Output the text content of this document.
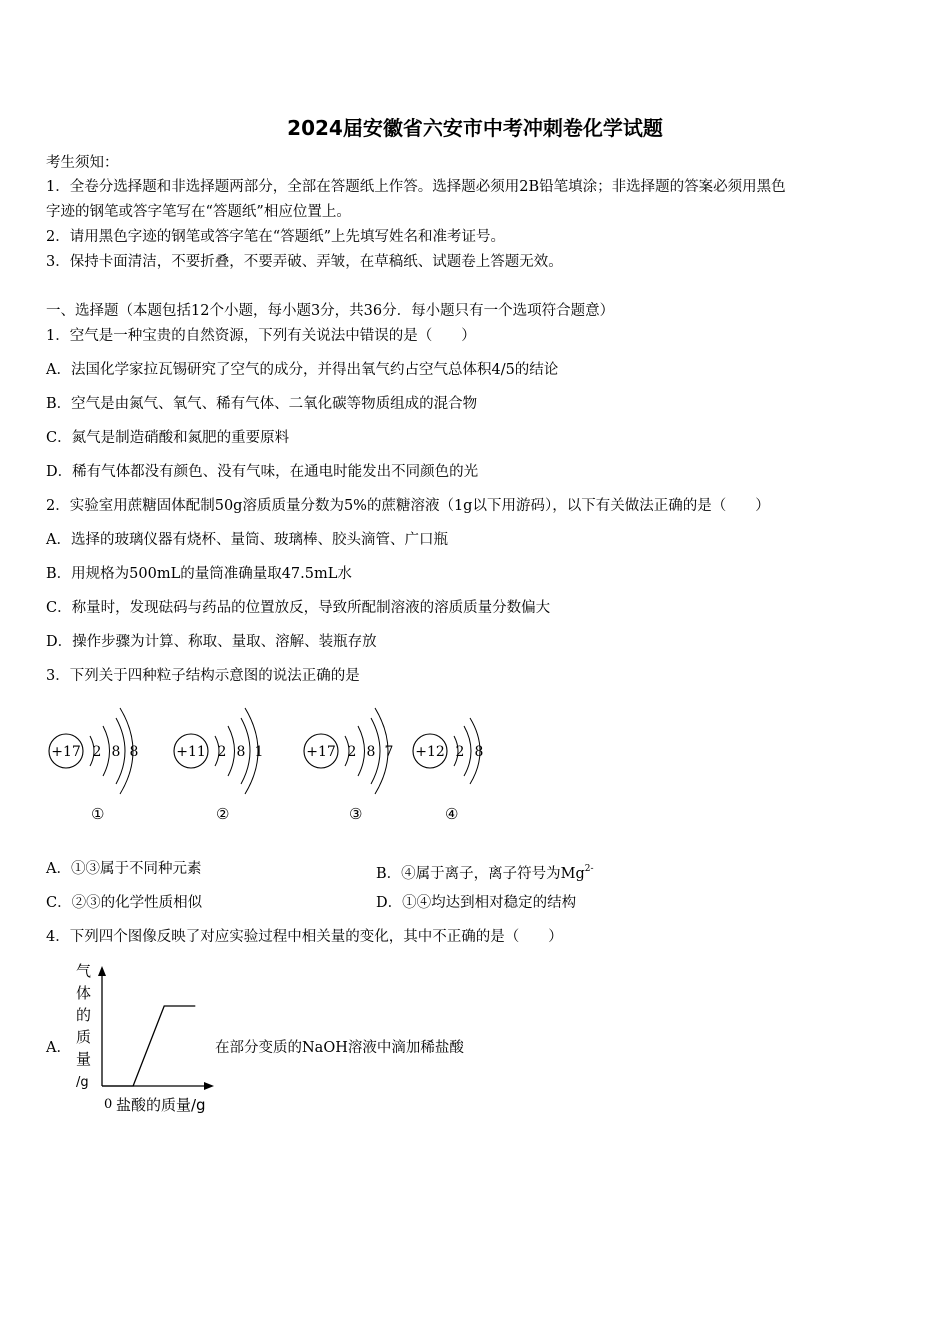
2024届安徽省六安市中考冲刺卷化学试题
考生须知：
1．全卷分选择题和非选择题两部分，全部在答题纸上作答。选择题必须用2B铅笔填涂；非选择题的答案必须用黑色
字迹的钢笔或答字笔写在“答题纸”相应位置上。
2．请用黑色字迹的钢笔或答字笔在“答题纸”上先填写姓名和准考证号。
3．保持卡面清洁，不要折叠，不要弄破、弄皱，在草稿纸、试题卷上答题无效。
一、选择题（本题包括12个小题，每小题3分，共36分．每小题只有一个选项符合题意）
1．空气是一种宝贵的自然资源，下列有关说法中错误的是（　　）
A．法国化学家拉瓦锡研究了空气的成分，并得出氧气约占空气总体积4/5的结论
B．空气是由氮气、氧气、稀有气体、二氧化碳等物质组成的混合物
C．氮气是制造硝酸和氮肥的重要原料
D．稀有气体都没有颜色、没有气味，在通电时能发出不同颜色的光
2．实验室用蔗糖固体配制50g溶质质量分数为5%的蔗糖溶液（1g以下用游码），以下有关做法正确的是（　　）
A．选择的玻璃仪器有烧杯、量筒、玻璃棒、胶头滴管、广口瓶
B．用规格为500mL的量筒准确量取47.5mL水
C．称量时，发现砝码与药品的位置放反，导致所配制溶液的溶质质量分数偏大
D．操作步骤为计算、称取、量取、溶解、装瓶存放
3．下列关于四种粒子结构示意图的说法正确的是
+17 2 8 8	+11 2 8 1	+17 2 8 7 +12 2 8
①	②	③	④
A．①③属于不同种元素	B．④属于离子，离子符号为$Mg^{2-}$
C．②③的化学性质相似	D．①④均达到相对稳定的结构
4．下列四个图像反映了对应实验过程中相关量的变化，其中不正确的是（　　）
A．
气
体
的
质
量
/g
0 盐酸的质量/g
在部分变质的NaOH溶液中滴加稀盐酸
